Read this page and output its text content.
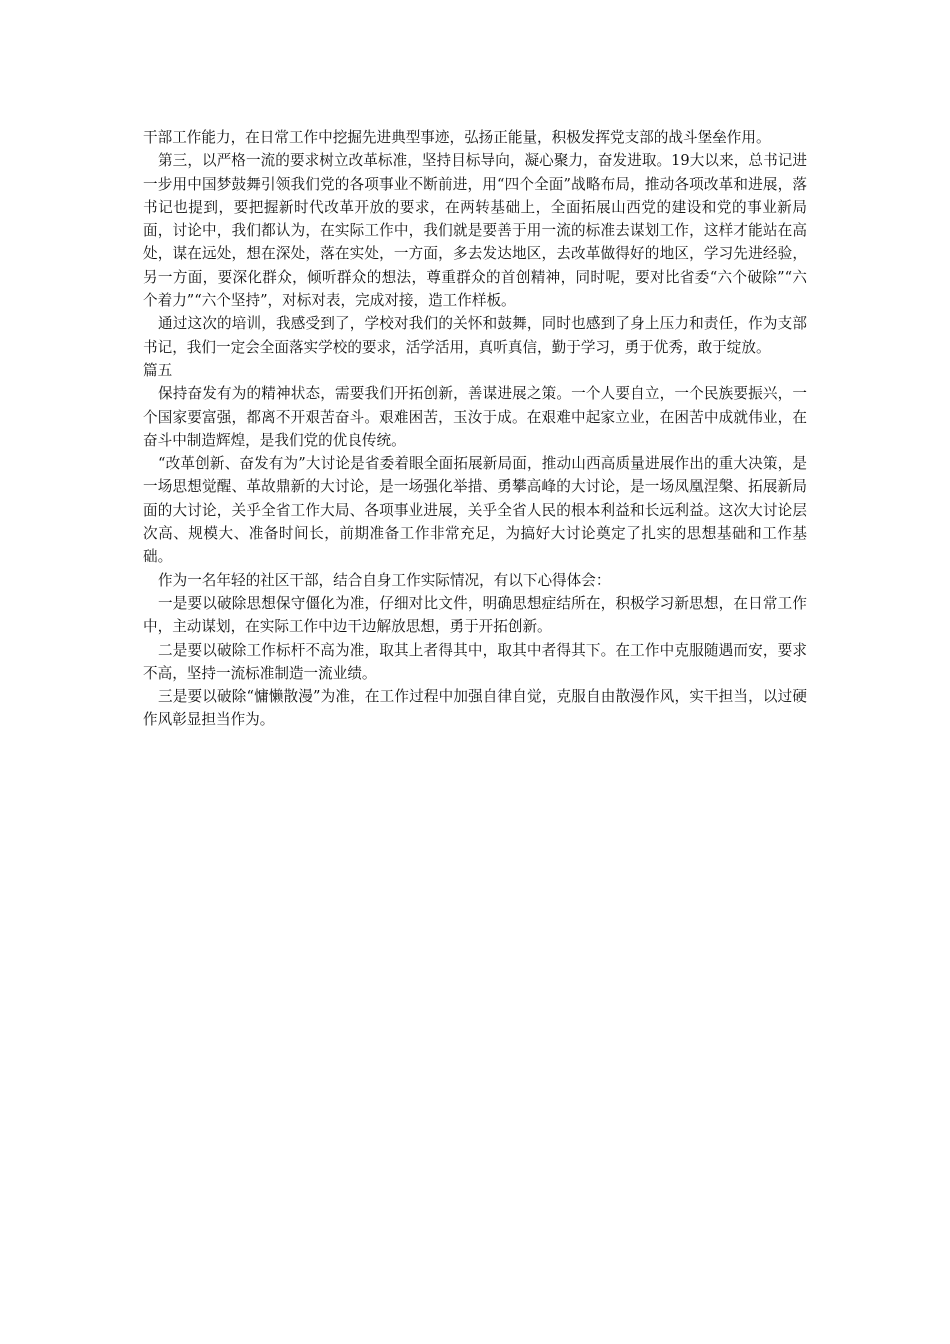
干部工作能力，在日常工作中挖掘先进典型事迹，弘扬正能量，积极发挥党支部的战斗堡垒作用。

第三，以严格一流的要求树立改革标准，坚持目标导向，凝心聚力，奋发进取。19大以来，总书记进一步用中国梦鼓舞引领我们党的各项事业不断前进，用“四个全面”战略布局，推动各项改革和进展，落书记也提到，要把握新时代改革开放的要求，在两转基础上，全面拓展山西党的建设和党的事业新局面，讨论中，我们都认为，在实际工作中，我们就是要善于用一流的标准去谋划工作，这样才能站在高处，谋在远处，想在深处，落在实处，一方面，多去发达地区，去改革做得好的地区，学习先进经验，另一方面，要深化群众，倾听群众的想法，尊重群众的首创精神，同时呢，要对比省委“六个破除”“六个着力”“六个坚持”，对标对表，完成对接，造工作样板。

通过这次的培训，我感受到了，学校对我们的关怀和鼓舞，同时也感到了身上压力和责任，作为支部书记，我们一定会全面落实学校的要求，活学活用，真听真信，勤于学习，勇于优秀，敢于绽放。

篇五

保持奋发有为的精神状态，需要我们开拓创新，善谋进展之策。一个人要自立，一个民族要振兴，一个国家要富强，都离不开艰苦奋斗。艰难困苦，玉汝于成。在艰难中起家立业，在困苦中成就伟业，在奋斗中制造辉煌，是我们党的优良传统。

“改革创新、奋发有为”大讨论是省委着眼全面拓展新局面，推动山西高质量进展作出的重大决策，是一场思想觉醒、革故鼎新的大讨论，是一场强化举措、勇攀高峰的大讨论，是一场凤凰涅槃、拓展新局面的大讨论，关乎全省工作大局、各项事业进展，关乎全省人民的根本利益和长远利益。这次大讨论层次高、规模大、准备时间长，前期准备工作非常充足，为搞好大讨论奠定了扎实的思想基础和工作基础。

作为一名年轻的社区干部，结合自身工作实际情况，有以下心得体会：

一是要以破除思想保守僵化为准，仔细对比文件，明确思想症结所在，积极学习新思想，在日常工作中，主动谋划，在实际工作中边干边解放思想，勇于开拓创新。

二是要以破除工作标杆不高为准，取其上者得其中，取其中者得其下。在工作中克服随遇而安，要求不高，坚持一流标准制造一流业绩。

三是要以破除“慵懒散漫”为准，在工作过程中加强自律自觉，克服自由散漫作风，实干担当，以过硬作风彰显担当作为。
